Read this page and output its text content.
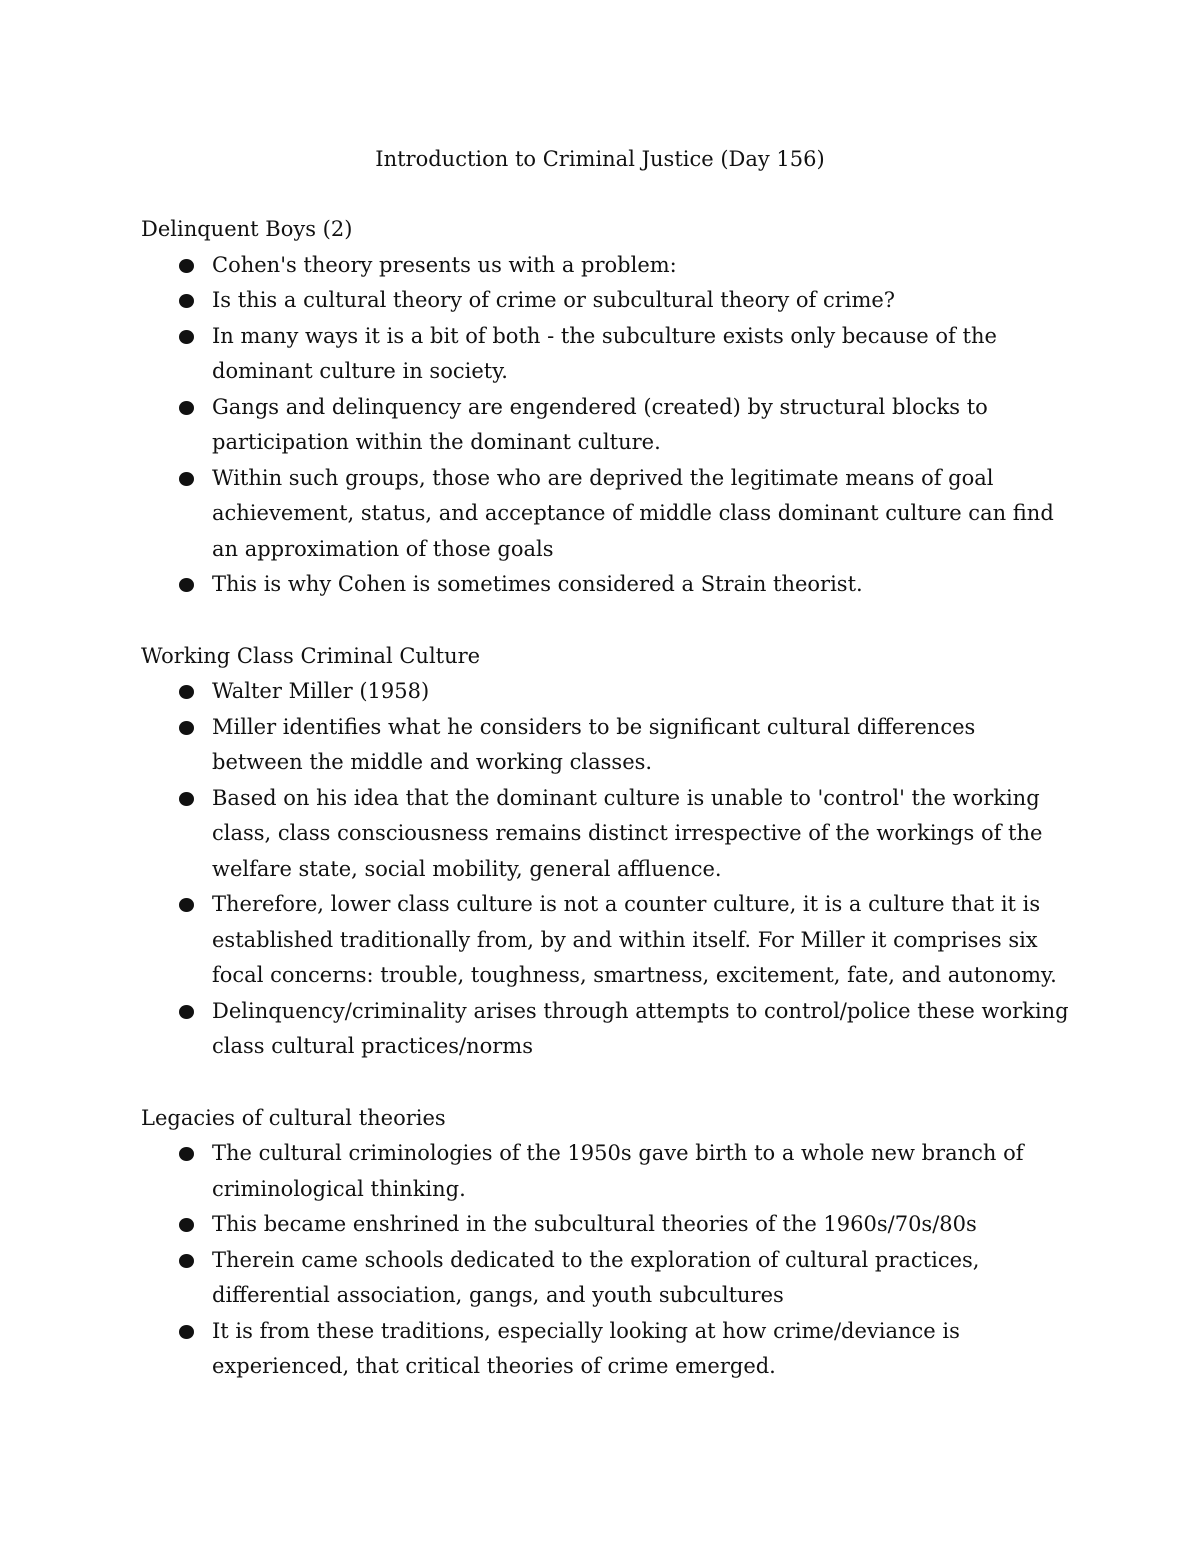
Introduction to Criminal Justice (Day 156)

Delinquent Boys (2)

Cohen's theory presents us with a problem:
Is this a cultural theory of crime or subcultural theory of crime?
In many ways it is a bit of both - the subculture exists only because of the dominant culture in society.
Gangs and delinquency are engendered (created) by structural blocks to participation within the dominant culture.
Within such groups, those who are deprived the legitimate means of goal achievement, status, and acceptance of middle class dominant culture can find an approximation of those goals
This is why Cohen is sometimes considered a Strain theorist.

Working Class Criminal Culture

Walter Miller (1958)
Miller identifies what he considers to be significant cultural differences between the middle and working classes.
Based on his idea that the dominant culture is unable to 'control' the working class, class consciousness remains distinct irrespective of the workings of the welfare state, social mobility, general affluence.
Therefore, lower class culture is not a counter culture, it is a culture that it is established traditionally from, by and within itself. For Miller it comprises six focal concerns: trouble, toughness, smartness, excitement, fate, and autonomy.
Delinquency/criminality arises through attempts to control/police these working class cultural practices/norms

Legacies of cultural theories

The cultural criminologies of the 1950s gave birth to a whole new branch of criminological thinking.
This became enshrined in the subcultural theories of the 1960s/70s/80s
Therein came schools dedicated to the exploration of cultural practices, differential association, gangs, and youth subcultures
It is from these traditions, especially looking at how crime/deviance is experienced, that critical theories of crime emerged.
